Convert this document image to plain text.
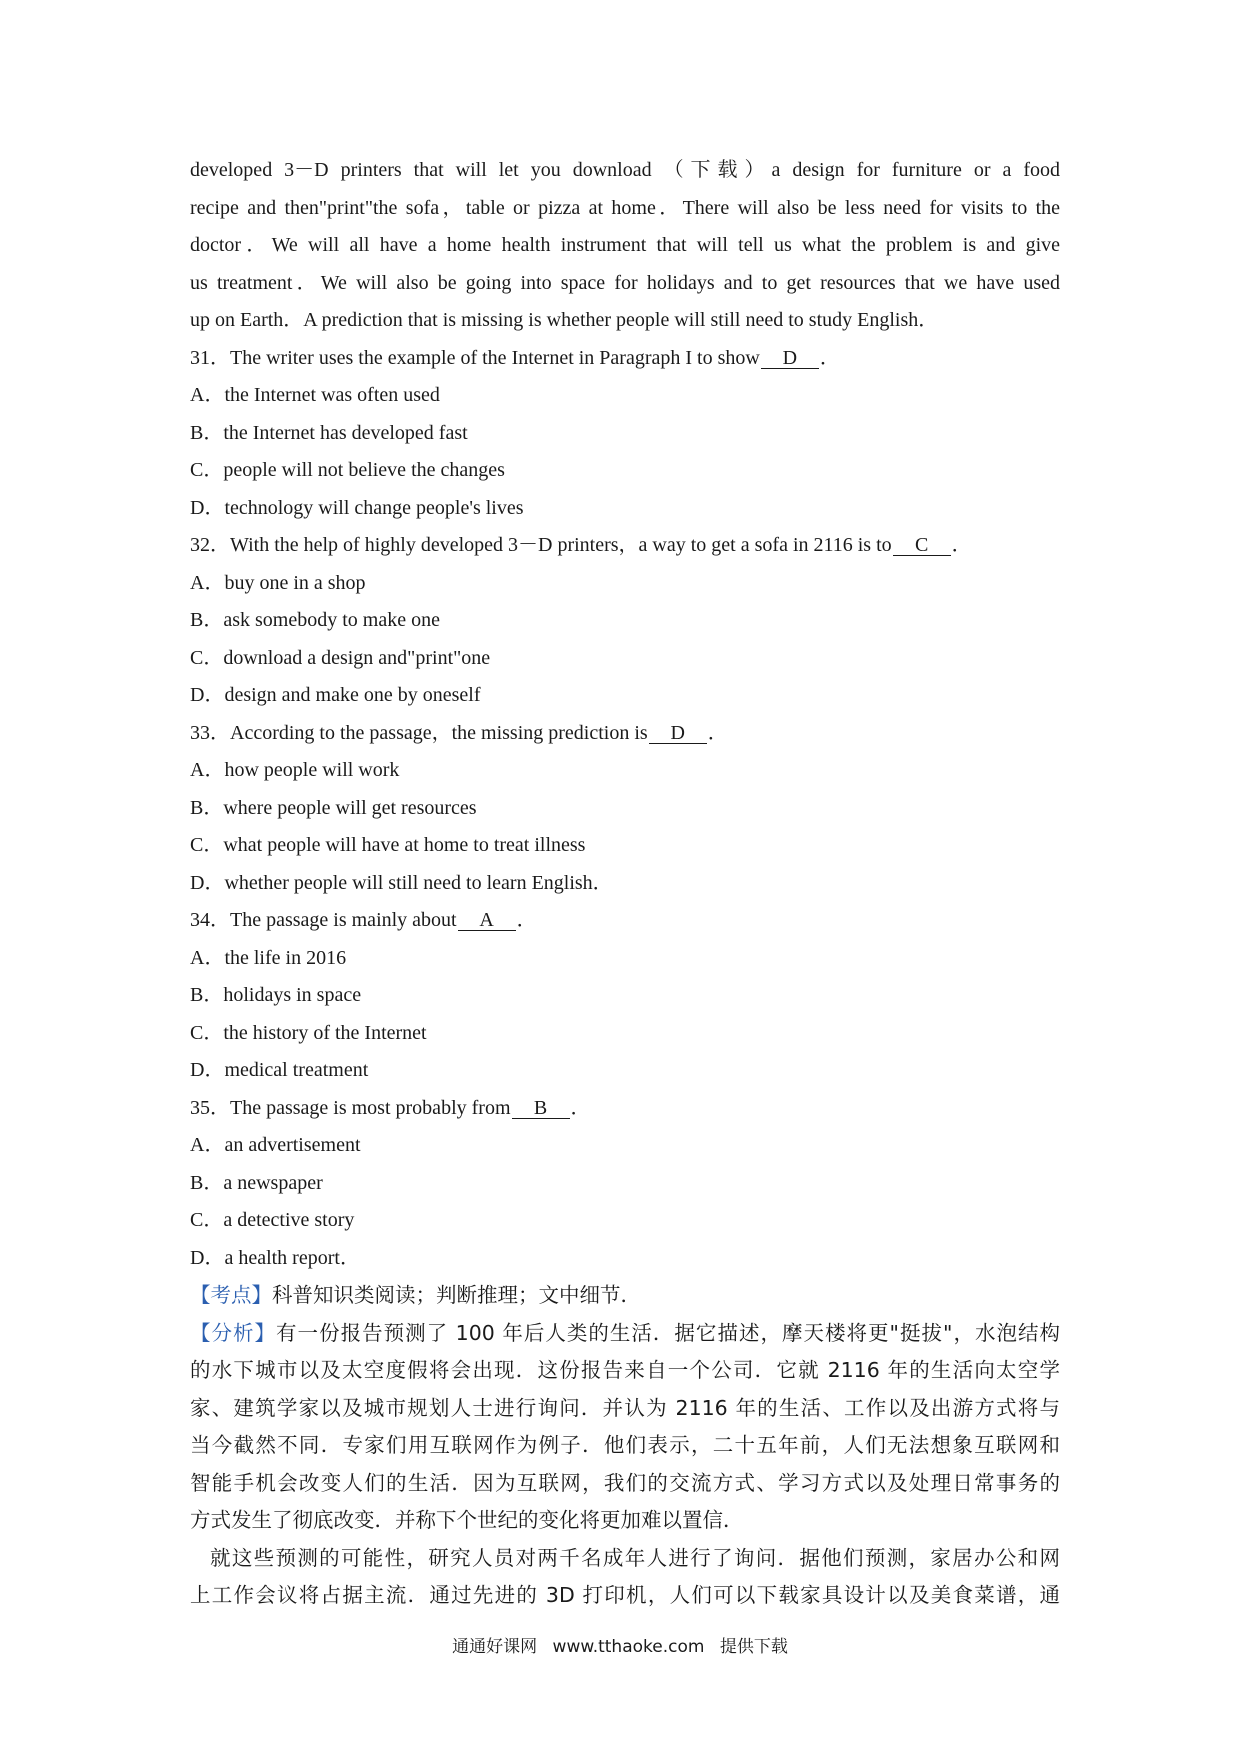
developed 3－D printers that will let you download （下载）a design for furniture or a food
recipe and then"print"the sofa，table or pizza at home．There will also be less need for visits to the
doctor．We will all have a home health instrument that will tell us what the problem is and give
us treatment．We will also be going into space for holidays and to get resources that we have used
up on Earth．A prediction that is missing is whether people will still need to study English．
31．The writer uses the example of the Internet in Paragraph I to show D ．
A．the Internet was often used
B．the Internet has developed fast
C．people will not believe the changes
D．technology will change people's lives
32．With the help of highly developed 3－D printers，a way to get a sofa in 2116 is to C ．
A．buy one in a shop
B．ask somebody to make one
C．download a design and"print"one
D．design and make one by oneself
33．According to the passage，the missing prediction is D ．
A．how people will work
B．where people will get resources
C．what people will have at home to treat illness
D．whether people will still need to learn English．
34．The passage is mainly about A ．
A．the life in 2016
B．holidays in space
C．the history of the Internet
D．medical treatment
35．The passage is most probably from B ．
A．an advertisement
B．a newspaper
C．a detective story
D．a health report．
【考点】科普知识类阅读；判断推理；文中细节．
【分析】有一份报告预测了 100 年后人类的生活．据它描述，摩天楼将更"挺拔"，水泡结构
的水下城市以及太空度假将会出现．这份报告来自一个公司．它就 2116 年的生活向太空学
家、建筑学家以及城市规划人士进行询问．并认为 2116 年的生活、工作以及出游方式将与
当今截然不同．专家们用互联网作为例子．他们表示，二十五年前，人们无法想象互联网和
智能手机会改变人们的生活．因为互联网，我们的交流方式、学习方式以及处理日常事务的
方式发生了彻底改变．并称下个世纪的变化将更加难以置信．
就这些预测的可能性，研究人员对两千名成年人进行了询问．据他们预测，家居办公和网
上工作会议将占据主流．通过先进的 3D 打印机，人们可以下载家具设计以及美食菜谱，通
通通好课网 www.tthaoke.com 提供下载
